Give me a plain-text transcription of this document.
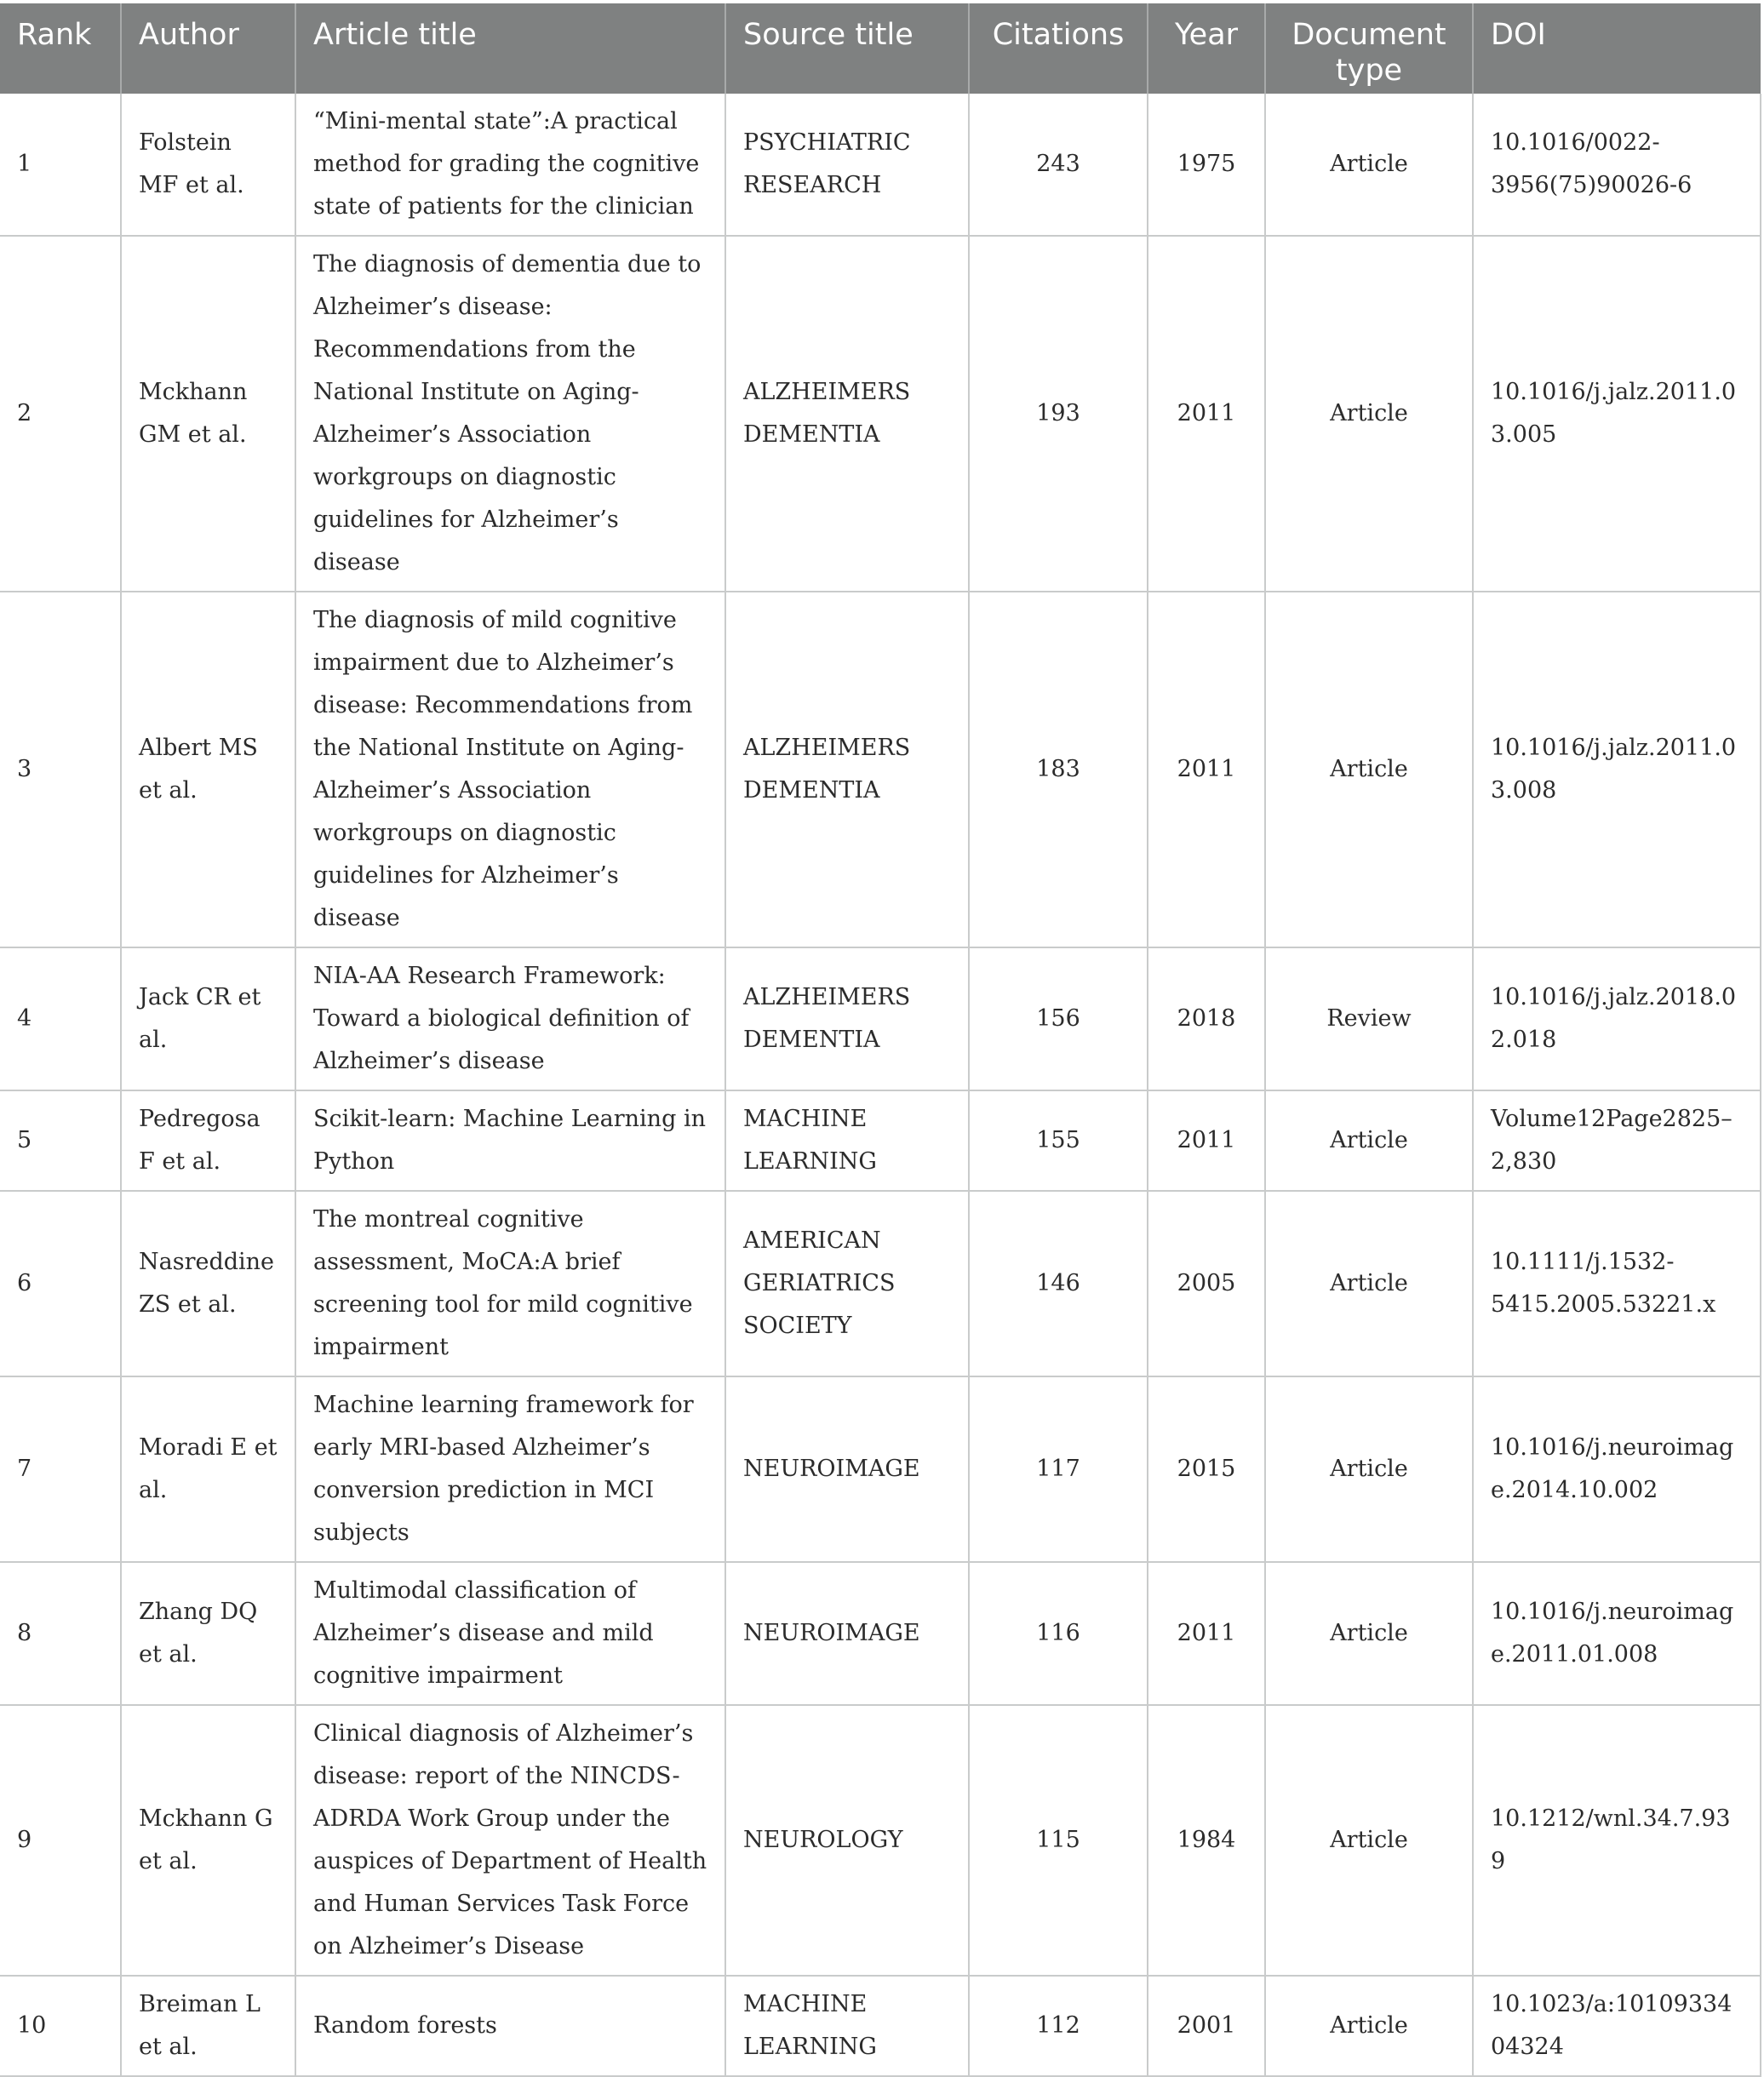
Rank	Author	Article title	Source title	Citations	Year	Document type	DOI
1	Folstein MF et al.	“Mini-mental state”:A practical method for grading the cognitive state of patients for the clinician	PSYCHIATRIC RESEARCH	243	1975	Article	10.1016/0022-3956(75)90026-6
2	Mckhann GM et al.	The diagnosis of dementia due to Alzheimer’s disease: Recommendations from the National Institute on Aging-Alzheimer’s Association workgroups on diagnostic guidelines for Alzheimer’s disease	ALZHEIMERS DEMENTIA	193	2011	Article	10.1016/j.jalz.2011.03.005
3	Albert MS et al.	The diagnosis of mild cognitive impairment due to Alzheimer’s disease: Recommendations from the National Institute on Aging-Alzheimer’s Association workgroups on diagnostic guidelines for Alzheimer’s disease	ALZHEIMERS DEMENTIA	183	2011	Article	10.1016/j.jalz.2011.03.008
4	Jack CR et al.	NIA-AA Research Framework: Toward a biological definition of Alzheimer’s disease	ALZHEIMERS DEMENTIA	156	2018	Review	10.1016/j.jalz.2018.02.018
5	Pedregosa F et al.	Scikit-learn: Machine Learning in Python	MACHINE LEARNING	155	2011	Article	Volume12Page2825–2,830
6	Nasreddine ZS et al.	The montreal cognitive assessment, MoCA:A brief screening tool for mild cognitive impairment	AMERICAN GERIATRICS SOCIETY	146	2005	Article	10.1111/j.1532-5415.2005.53221.x
7	Moradi E et al.	Machine learning framework for early MRI-based Alzheimer’s conversion prediction in MCI subjects	NEUROIMAGE	117	2015	Article	10.1016/j.neuroimage.2014.10.002
8	Zhang DQ et al.	Multimodal classification of Alzheimer’s disease and mild cognitive impairment	NEUROIMAGE	116	2011	Article	10.1016/j.neuroimage.2011.01.008
9	Mckhann G et al.	Clinical diagnosis of Alzheimer’s disease: report of the NINCDS-ADRDA Work Group under the auspices of Department of Health and Human Services Task Force on Alzheimer’s Disease	NEUROLOGY	115	1984	Article	10.1212/wnl.34.7.939
10	Breiman L et al.	Random forests	MACHINE LEARNING	112	2001	Article	10.1023/a:1010933404324
